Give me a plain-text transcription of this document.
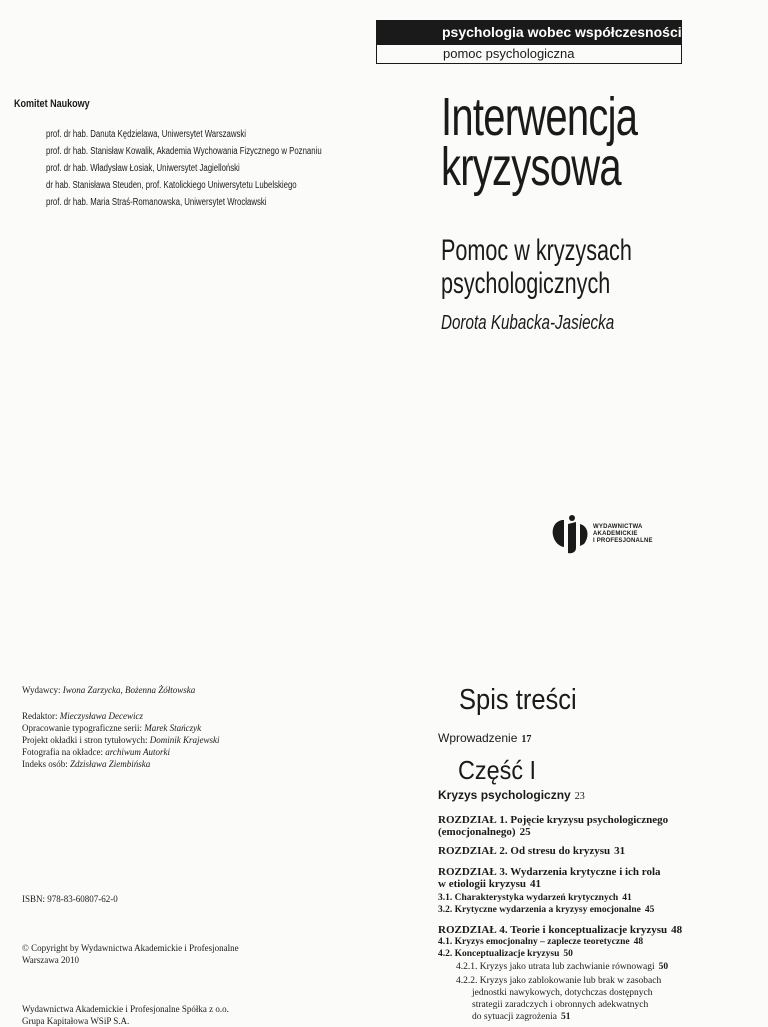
psychologia wobec współczesności
pomoc psychologiczna
Komitet Naukowy
prof. dr hab. Danuta Kędzielawa, Uniwersytet Warszawski
prof. dr hab. Stanisław Kowalik, Akademia Wychowania Fizycznego w Poznaniu
prof. dr hab. Władysław Łosiak, Uniwersytet Jagielloński
dr hab. Stanisława Steuden, prof. Katolickiego Uniwersytetu Lubelskiego
prof. dr hab. Maria Straś-Romanowska, Uniwersytet Wrocławski
Interwencja
kryzysowa
Pomoc w kryzysach
psychologicznych
Dorota Kubacka-Jasiecka
WYDAWNICTWA
AKADEMICKIE
I PROFESJONALNE
Wydawcy: Iwona Zarzycka, Bożenna Żółtowska
Redaktor: Mieczysława Decewicz
Opracowanie typograficzne serii: Marek Stańczyk
Projekt okładki i stron tytułowych: Dominik Krajewski
Fotografia na okładce: archiwum Autorki
Indeks osób: Zdzisława Ziembińska
ISBN: 978-83-60807-62-0
© Copyright by Wydawnictwa Akademickie i Profesjonalne
Warszawa 2010
Wydawnictwa Akademickie i Profesjonalne Spółka z o.o.
Grupa Kapitałowa WSiP S.A.
Spis treści
Wprowadzenie 17
Część I
Kryzys psychologiczny 23
ROZDZIAŁ 1. Pojęcie kryzysu psychologicznego
(emocjonalnego) 25
ROZDZIAŁ 2. Od stresu do kryzysu 31
ROZDZIAŁ 3. Wydarzenia krytyczne i ich rola
w etiologii kryzysu 41
3.1. Charakterystyka wydarzeń krytycznych 41
3.2. Krytyczne wydarzenia a kryzysy emocjonalne 45
ROZDZIAŁ 4. Teorie i konceptualizacje kryzysu 48
4.1. Kryzys emocjonalny – zaplecze teoretyczne 48
4.2. Konceptualizacje kryzysu 50
4.2.1. Kryzys jako utrata lub zachwianie równowagi 50
4.2.2. Kryzys jako zablokowanie lub brak w zasobach
jednostki nawykowych, dotychczas dostępnych
strategii zaradczych i obronnych adekwatnych
do sytuacji zagrożenia 51
